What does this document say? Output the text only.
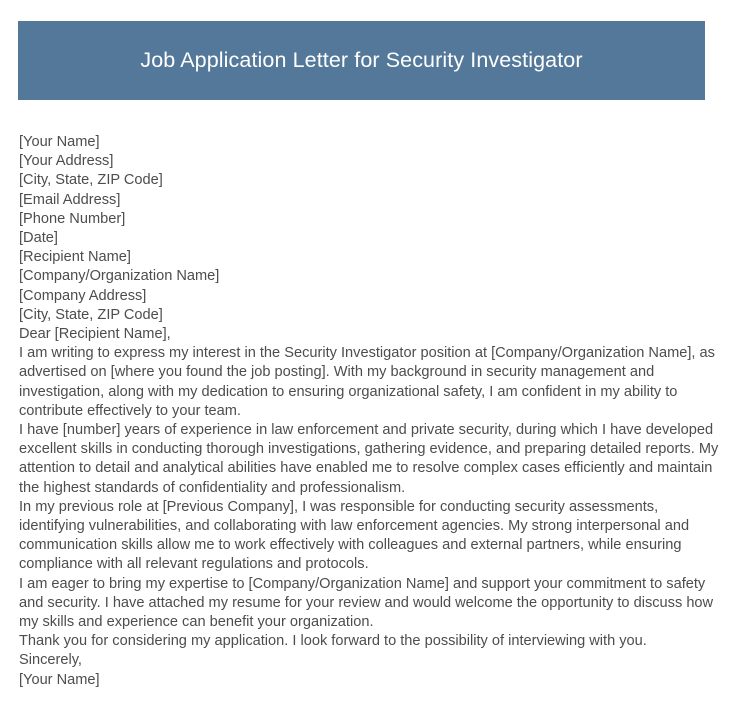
Job Application Letter for Security Investigator
[Your Name]
[Your Address]
[City, State, ZIP Code]
[Email Address]
[Phone Number]
[Date]
[Recipient Name]
[Company/Organization Name]
[Company Address]
[City, State, ZIP Code]
Dear [Recipient Name],

I am writing to express my interest in the Security Investigator position at [Company/Organization Name], as advertised on [where you found the job posting]. With my background in security management and investigation, along with my dedication to ensuring organizational safety, I am confident in my ability to contribute effectively to your team.

I have [number] years of experience in law enforcement and private security, during which I have developed excellent skills in conducting thorough investigations, gathering evidence, and preparing detailed reports. My attention to detail and analytical abilities have enabled me to resolve complex cases efficiently and maintain the highest standards of confidentiality and professionalism.

In my previous role at [Previous Company], I was responsible for conducting security assessments, identifying vulnerabilities, and collaborating with law enforcement agencies. My strong interpersonal and communication skills allow me to work effectively with colleagues and external partners, while ensuring compliance with all relevant regulations and protocols.

I am eager to bring my expertise to [Company/Organization Name] and support your commitment to safety and security. I have attached my resume for your review and would welcome the opportunity to discuss how my skills and experience can benefit your organization.

Thank you for considering my application. I look forward to the possibility of interviewing with you.

Sincerely,
[Your Name]
